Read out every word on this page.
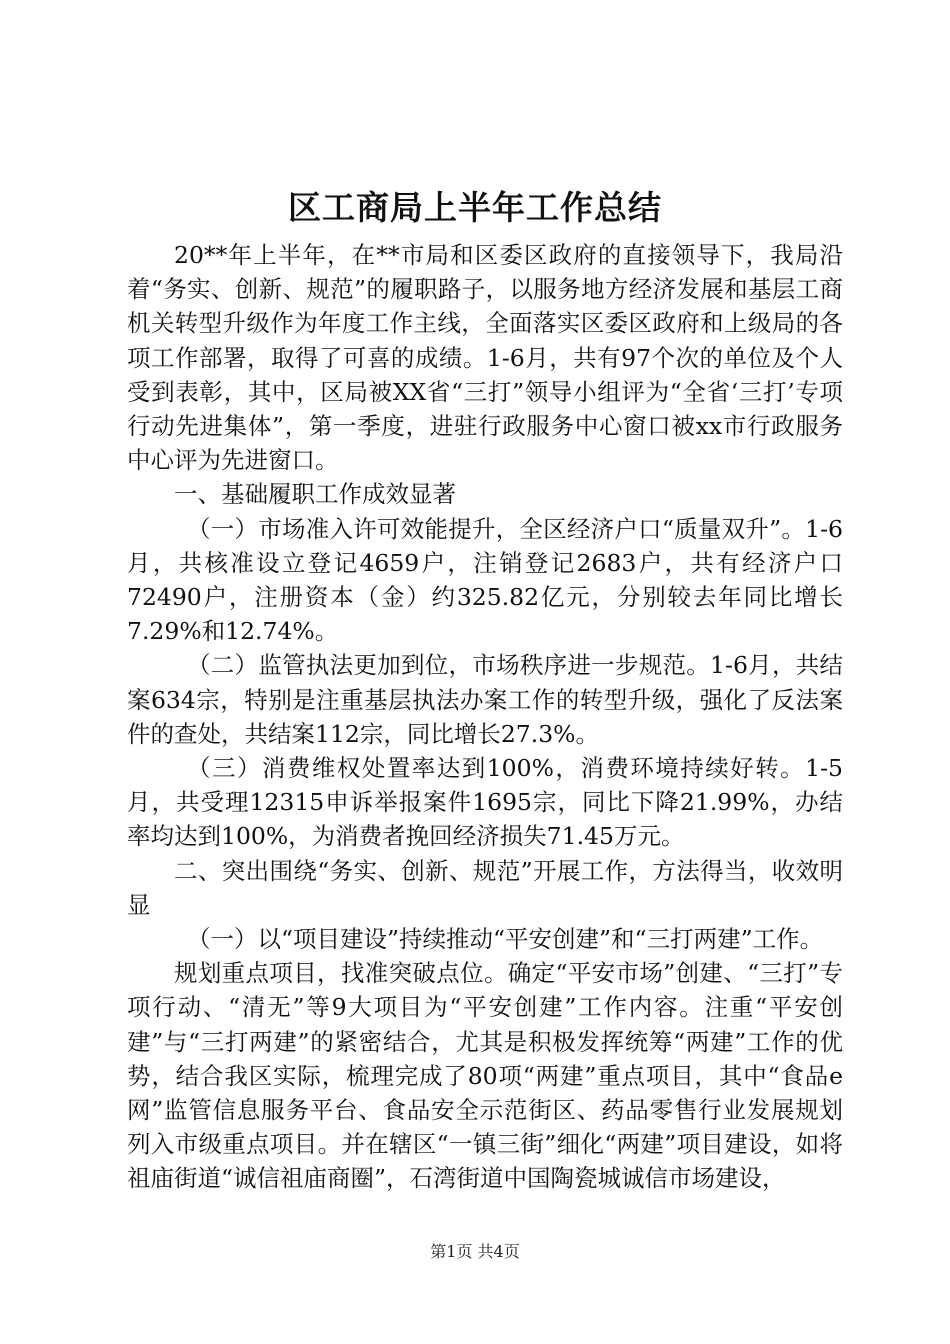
区工商局上半年工作总结

20**年上半年，在**市局和区委区政府的直接领导下，我局沿着“务实、创新、规范”的履职路子，以服务地方经济发展和基层工商机关转型升级作为年度工作主线，全面落实区委区政府和上级局的各项工作部署，取得了可喜的成绩。1-6月，共有97个次的单位及个人受到表彰，其中，区局被XX省“三打”领导小组评为“全省‘三打’专项行动先进集体”，第一季度，进驻行政服务中心窗口被xx市行政服务中心评为先进窗口。

一、基础履职工作成效显著

（一）市场准入许可效能提升，全区经济户口“质量双升”。1-6月，共核准设立登记4659户，注销登记2683户，共有经济户口72490户，注册资本（金）约325.82亿元，分别较去年同比增长7.29%和12.74%。

（二）监管执法更加到位，市场秩序进一步规范。1-6月，共结案634宗，特别是注重基层执法办案工作的转型升级，强化了反法案件的查处，共结案112宗，同比增长27.3%。

（三）消费维权处置率达到100%，消费环境持续好转。1-5月，共受理12315申诉举报案件1695宗，同比下降21.99%，办结率均达到100%，为消费者挽回经济损失71.45万元。

二、突出围绕“务实、创新、规范”开展工作，方法得当，收效明显

（一）以“项目建设”持续推动“平安创建”和“三打两建”工作。

规划重点项目，找准突破点位。确定“平安市场”创建、“三打”专项行动、“清无”等9大项目为“平安创建”工作内容。注重“平安创建”与“三打两建”的紧密结合，尤其是积极发挥统筹“两建”工作的优势，结合我区实际，梳理完成了80项“两建”重点项目，其中“食品e网”监管信息服务平台、食品安全示范街区、药品零售行业发展规划列入市级重点项目。并在辖区“一镇三街”细化“两建”项目建设，如将祖庙街道“诚信祖庙商圈”，石湾街道中国陶瓷城诚信市场建设，

第1页 共4页
